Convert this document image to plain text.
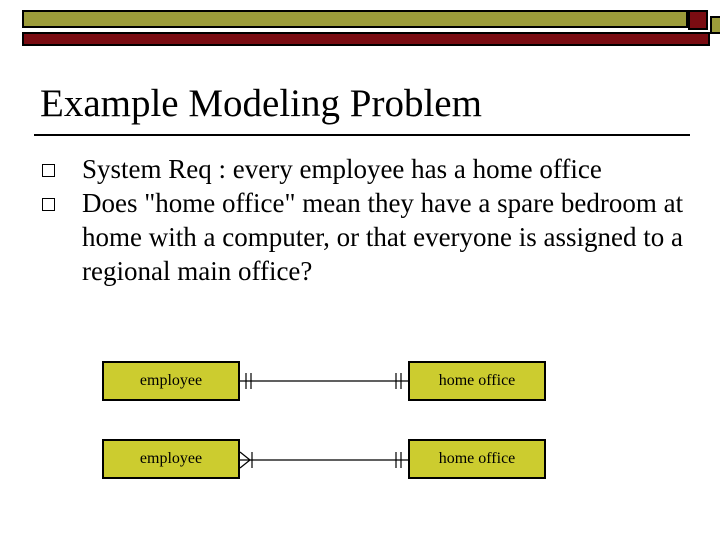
Example Modeling Problem
System Req : every employee has a home office
Does "home office" mean they have a spare bedroom at home with a computer, or that everyone is assigned to a regional main office?
employee	home office
employee	home office
